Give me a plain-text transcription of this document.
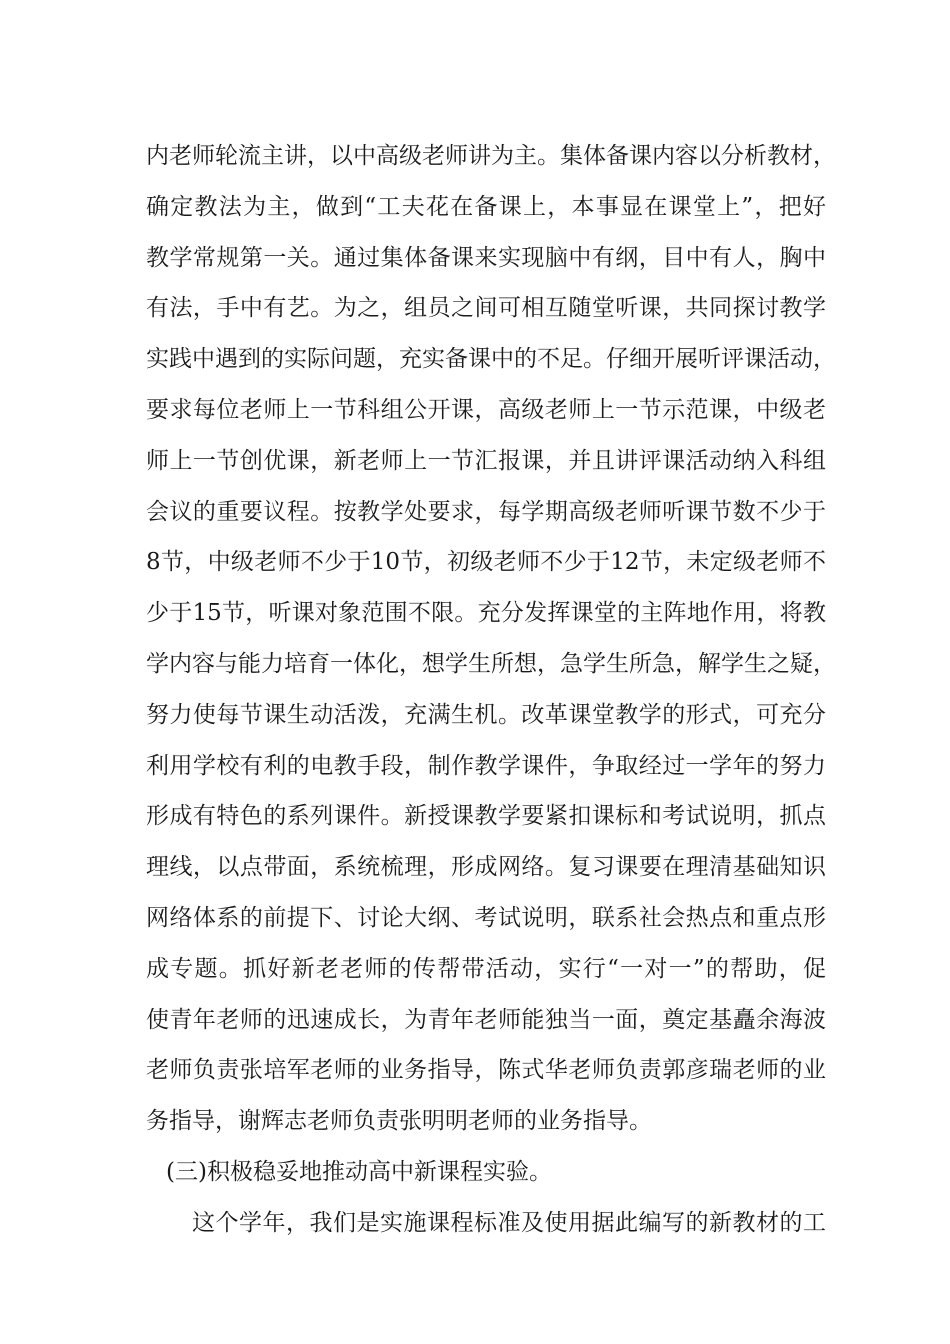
内老师轮流主讲，以中高级老师讲为主。集体备课内容以分析教材，
确定教法为主，做到“工夫花在备课上，本事显在课堂上”，把好
教学常规第一关。通过集体备课来实现脑中有纲，目中有人，胸中
有法，手中有艺。为之，组员之间可相互随堂听课，共同探讨教学
实践中遇到的实际问题，充实备课中的不足。仔细开展听评课活动，
要求每位老师上一节科组公开课，高级老师上一节示范课，中级老
师上一节创优课，新老师上一节汇报课，并且讲评课活动纳入科组
会议的重要议程。按教学处要求，每学期高级老师听课节数不少于
8节，中级老师不少于10节，初级老师不少于12节，未定级老师不
少于15节，听课对象范围不限。充分发挥课堂的主阵地作用，将教
学内容与能力培育一体化，想学生所想，急学生所急，解学生之疑，
努力使每节课生动活泼，充满生机。改革课堂教学的形式，可充分
利用学校有利的电教手段，制作教学课件，争取经过一学年的努力
形成有特色的系列课件。新授课教学要紧扣课标和考试说明，抓点
理线，以点带面，系统梳理，形成网络。复习课要在理清基础知识
网络体系的前提下、讨论大纲、考试说明，联系社会热点和重点形
成专题。抓好新老老师的传帮带活动，实行“一对一”的帮助，促
使青年老师的迅速成长，为青年老师能独当一面，奠定基矗余海波
老师负责张培军老师的业务指导，陈式华老师负责郭彦瑞老师的业
务指导，谢辉志老师负责张明明老师的业务指导。
(三)积极稳妥地推动高中新课程实验。
这个学年，我们是实施课程标准及使用据此编写的新教材的工
